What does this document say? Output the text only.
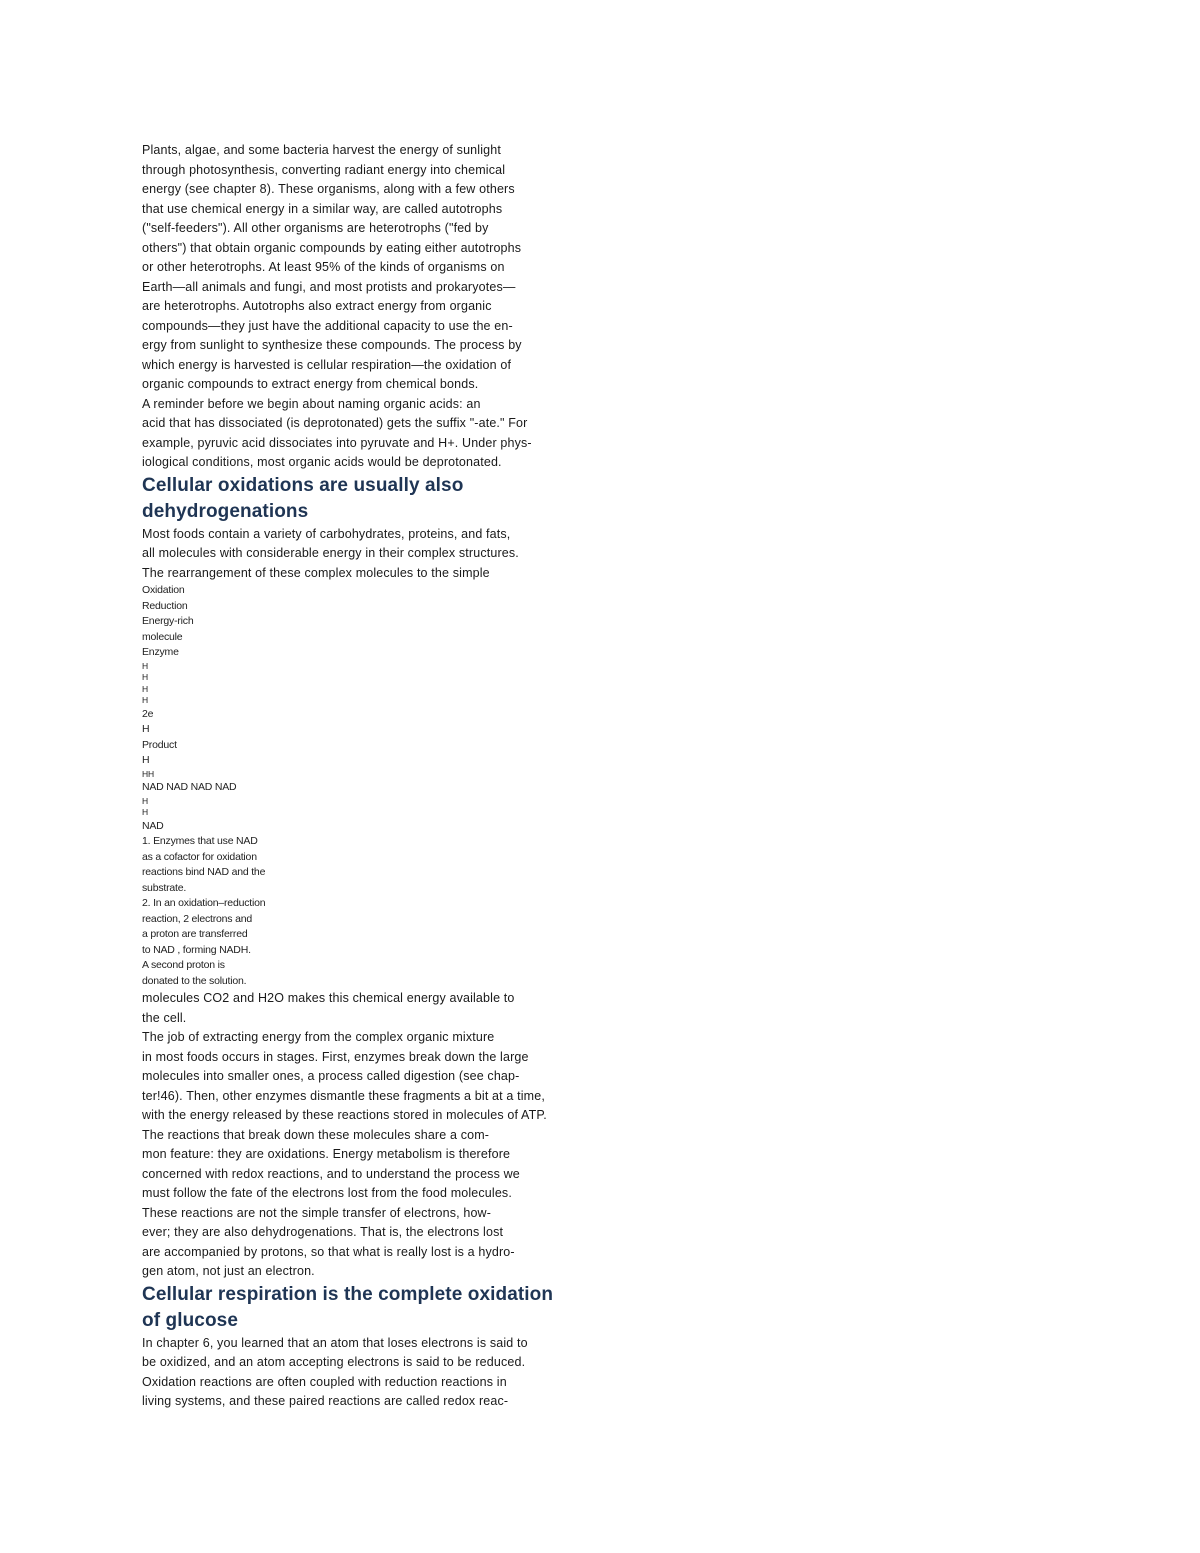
Plants, algae, and some bacteria harvest the energy of sunlight
through photosynthesis, converting radiant energy into chemical
energy (see chapter 8). These organisms, along with a few others
that use chemical energy in a similar way, are called autotrophs
("self-feeders"). All other organisms are heterotrophs ("fed by
others") that obtain organic compounds by eating either autotrophs
or other heterotrophs. At least 95% of the kinds of organisms on
Earth—all animals and fungi, and most protists and prokaryotes—
are heterotrophs. Autotrophs also extract energy from organic
compounds—they just have the additional capacity to use the en-
ergy from sunlight to synthesize these compounds. The process by
which energy is harvested is cellular respiration—the oxidation of
organic compounds to extract energy from chemical bonds.
A reminder before we begin about naming organic acids: an
acid that has dissociated (is deprotonated) gets the suffix "-ate." For
example, pyruvic acid dissociates into pyruvate and H+. Under phys-
iological conditions, most organic acids would be deprotonated.
Cellular oxidations are usually also
dehydrogenations
Most foods contain a variety of carbohydrates, proteins, and fats,
all molecules with considerable energy in their complex structures.
The rearrangement of these complex molecules to the simple
Oxidation
Reduction
Energy-rich
molecule
Enzyme
H
H
H
H
2e
H
Product
H
HH
NAD NAD NAD NAD
H
H
NAD
1. Enzymes that use NAD
as a cofactor for oxidation
reactions bind NAD and the
substrate.
2. In an oxidation–reduction
reaction, 2 electrons and
a proton are transferred
to NAD , forming NADH.
A second proton is
donated to the solution.
molecules CO2 and H2O makes this chemical energy available to
the cell.
The job of extracting energy from the complex organic mixture
in most foods occurs in stages. First, enzymes break down the large
molecules into smaller ones, a process called digestion (see chap-
ter!46). Then, other enzymes dismantle these fragments a bit at a time,
with the energy released by these reactions stored in molecules of ATP.
The reactions that break down these molecules share a com-
mon feature: they are oxidations. Energy metabolism is therefore
concerned with redox reactions, and to understand the process we
must follow the fate of the electrons lost from the food molecules.
These reactions are not the simple transfer of electrons, how-
ever; they are also dehydrogenations. That is, the electrons lost
are accompanied by protons, so that what is really lost is a hydro-
gen atom, not just an electron.
Cellular respiration is the complete oxidation
of glucose
In chapter 6, you learned that an atom that loses electrons is said to
be oxidized, and an atom accepting electrons is said to be reduced.
Oxidation reactions are often coupled with reduction reactions in
living systems, and these paired reactions are called redox reac-
